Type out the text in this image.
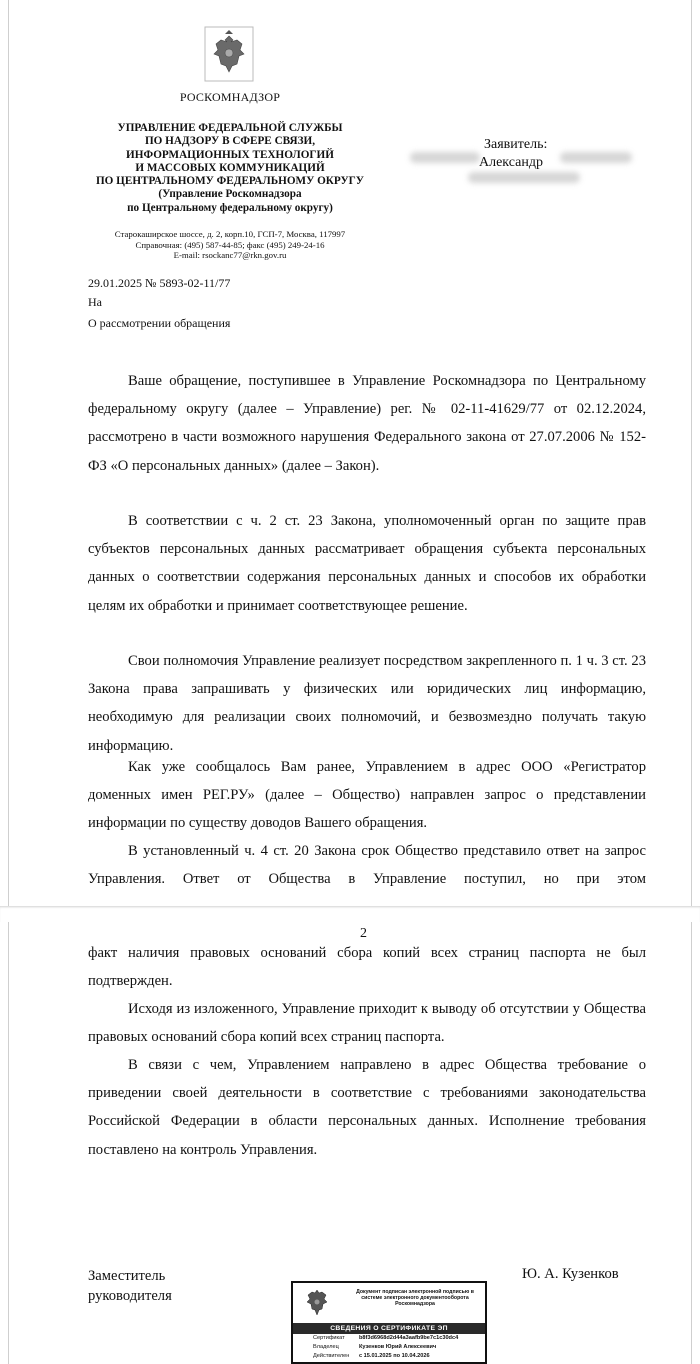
РОСКОМНАДЗОР
УПРАВЛЕНИЕ ФЕДЕРАЛЬНОЙ СЛУЖБЫ
ПО НАДЗОРУ В СФЕРЕ СВЯЗИ,
ИНФОРМАЦИОННЫХ ТЕХНОЛОГИЙ
И МАССОВЫХ КОММУНИКАЦИЙ
ПО ЦЕНТРАЛЬНОМУ ФЕДЕРАЛЬНОМУ ОКРУГУ
(Управление Роскомнадзора
по Центральному федеральному округу)
Старокаширское шоссе, д. 2, корп.10, ГСП-7, Москва, 117997
Справочная: (495) 587-44-85; факс (495) 249-24-16
E-mail: rsockanc77@rkn.gov.ru
29.01.2025 № 5893-02-11/77
На
О рассмотрении обращения
Заявитель:
Александр
Ваше обращение, поступившее в Управление Роскомнадзора по Центральному федеральному округу (далее – Управление) рег. № 02-11-41629/77 от 02.12.2024, рассмотрено в части возможного нарушения Федерального закона от 27.07.2006 № 152-ФЗ «О персональных данных» (далее – Закон).
В соответствии с ч. 2 ст. 23 Закона, уполномоченный орган по защите прав субъектов персональных данных рассматривает обращения субъекта персональных данных о соответствии содержания персональных данных и способов их обработки целям их обработки и принимает соответствующее решение.
Свои полномочия Управление реализует посредством закрепленного п. 1 ч. 3 ст. 23 Закона права запрашивать у физических или юридических лиц информацию, необходимую для реализации своих полномочий, и безвозмездно получать такую информацию.
Как уже сообщалось Вам ранее, Управлением в адрес ООО «Регистратор доменных имен РЕГ.РУ» (далее – Общество) направлен запрос о представлении информации по существу доводов Вашего обращения.
В установленный ч. 4 ст. 20 Закона срок Общество представило ответ на запрос Управления. Ответ от Общества в Управление поступил, но при этом
2
факт наличия правовых оснований сбора копий всех страниц паспорта не был подтвержден.
Исходя из изложенного, Управление приходит к выводу об отсутствии у Общества правовых оснований сбора копий всех страниц паспорта.
В связи с чем, Управлением направлено в адрес Общества требование о приведении своей деятельности в соответствие с требованиями законодательства Российской Федерации в области персональных данных. Исполнение требования поставлено на контроль Управления.
Заместитель
руководителя
Ю. А. Кузенков
Документ подписан электронной подписью в системе электронного документооборота Роскомнадзора
СВЕДЕНИЯ О СЕРТИФИКАТЕ ЭП
Сертификат	b8f3d6968d2d44a3aafb9be7c1c30dc4
Владелец	Кузенков Юрий Алексеевич
Действителен	с 15.01.2025 по 10.04.2026
